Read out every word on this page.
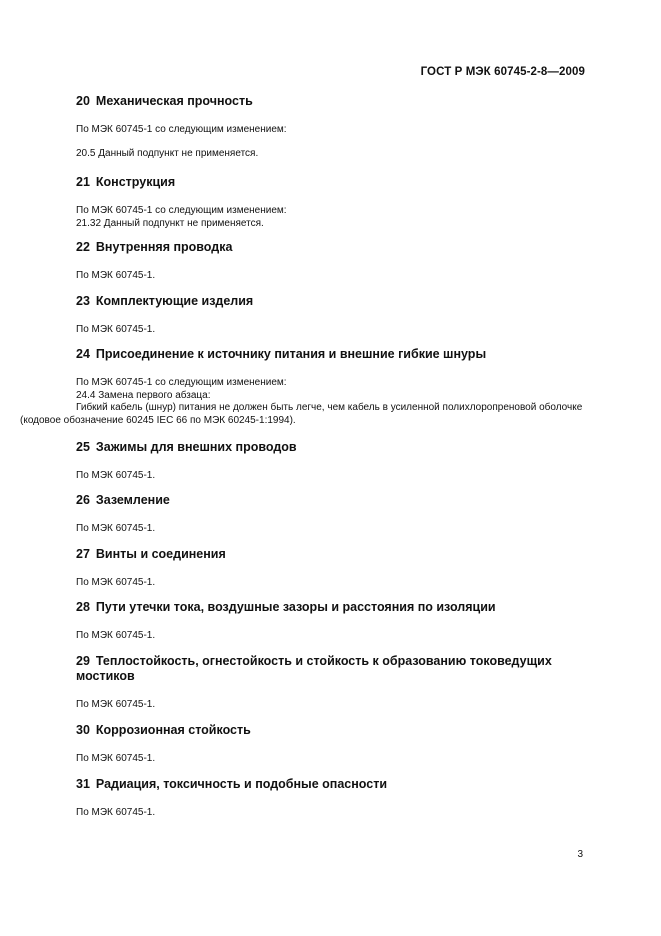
ГОСТ Р МЭК 60745-2-8—2009
20 Механическая прочность

По МЭК 60745-1 со следующим изменением:

20.5 Данный подпункт не применяется.

21 Конструкция

По МЭК 60745-1 со следующим изменением:

21.32 Данный подпункт не применяется.

22 Внутренняя проводка

По МЭК 60745-1.

23 Комплектующие изделия

По МЭК 60745-1.

24 Присоединение к источнику питания и внешние гибкие шнуры

По МЭК 60745-1 со следующим изменением:

24.4 Замена первого абзаца:

Гибкий кабель (шнур) питания не должен быть легче, чем кабель в усиленной полихлоропреновой оболочке (кодовое обозначение 60245 IEC 66 по МЭК 60245-1:1994).

25 Зажимы для внешних проводов

По МЭК 60745-1.

26 Заземление

По МЭК 60745-1.

27 Винты и соединения

По МЭК 60745-1.

28 Пути утечки тока, воздушные зазоры и расстояния по изоляции

По МЭК 60745-1.

29 Теплостойкость, огнестойкость и стойкость к образованию токоведущих мостиков

По МЭК 60745-1.

30 Коррозионная стойкость

По МЭК 60745-1.

31 Радиация, токсичность и подобные опасности

По МЭК 60745-1.

3
